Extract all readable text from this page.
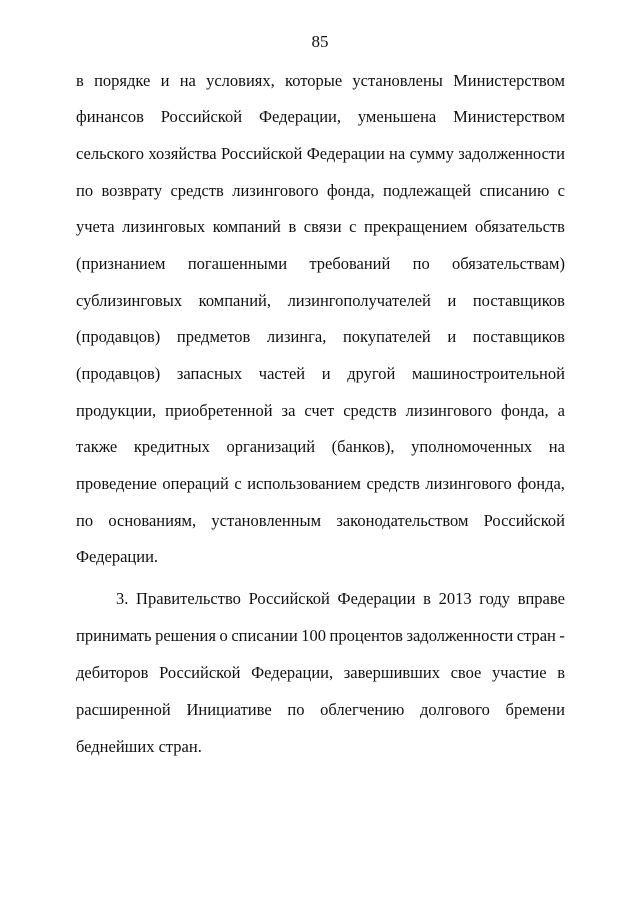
85
в порядке и на условиях, которые установлены Министерством
финансов Российской Федерации, уменьшена Министерством
сельского хозяйства Российской Федерации на сумму задолженности
по возврату средств лизингового фонда, подлежащей списанию с
учета лизинговых компаний в связи с прекращением обязательств
(признанием погашенными требований по обязательствам)
сублизинговых компаний, лизингополучателей и поставщиков
(продавцов) предметов лизинга, покупателей и поставщиков
(продавцов) запасных частей и другой машиностроительной
продукции, приобретенной за счет средств лизингового фонда, а
также кредитных организаций (банков), уполномоченных на
проведение операций с использованием средств лизингового фонда,
по основаниям, установленным законодательством Российской
Федерации.
3. Правительство Российской Федерации в 2013 году вправе
принимать решения о списании 100 процентов задолженности стран -
дебиторов Российской Федерации, завершивших свое участие в
расширенной Инициативе по облегчению долгового бремени
беднейших стран.
